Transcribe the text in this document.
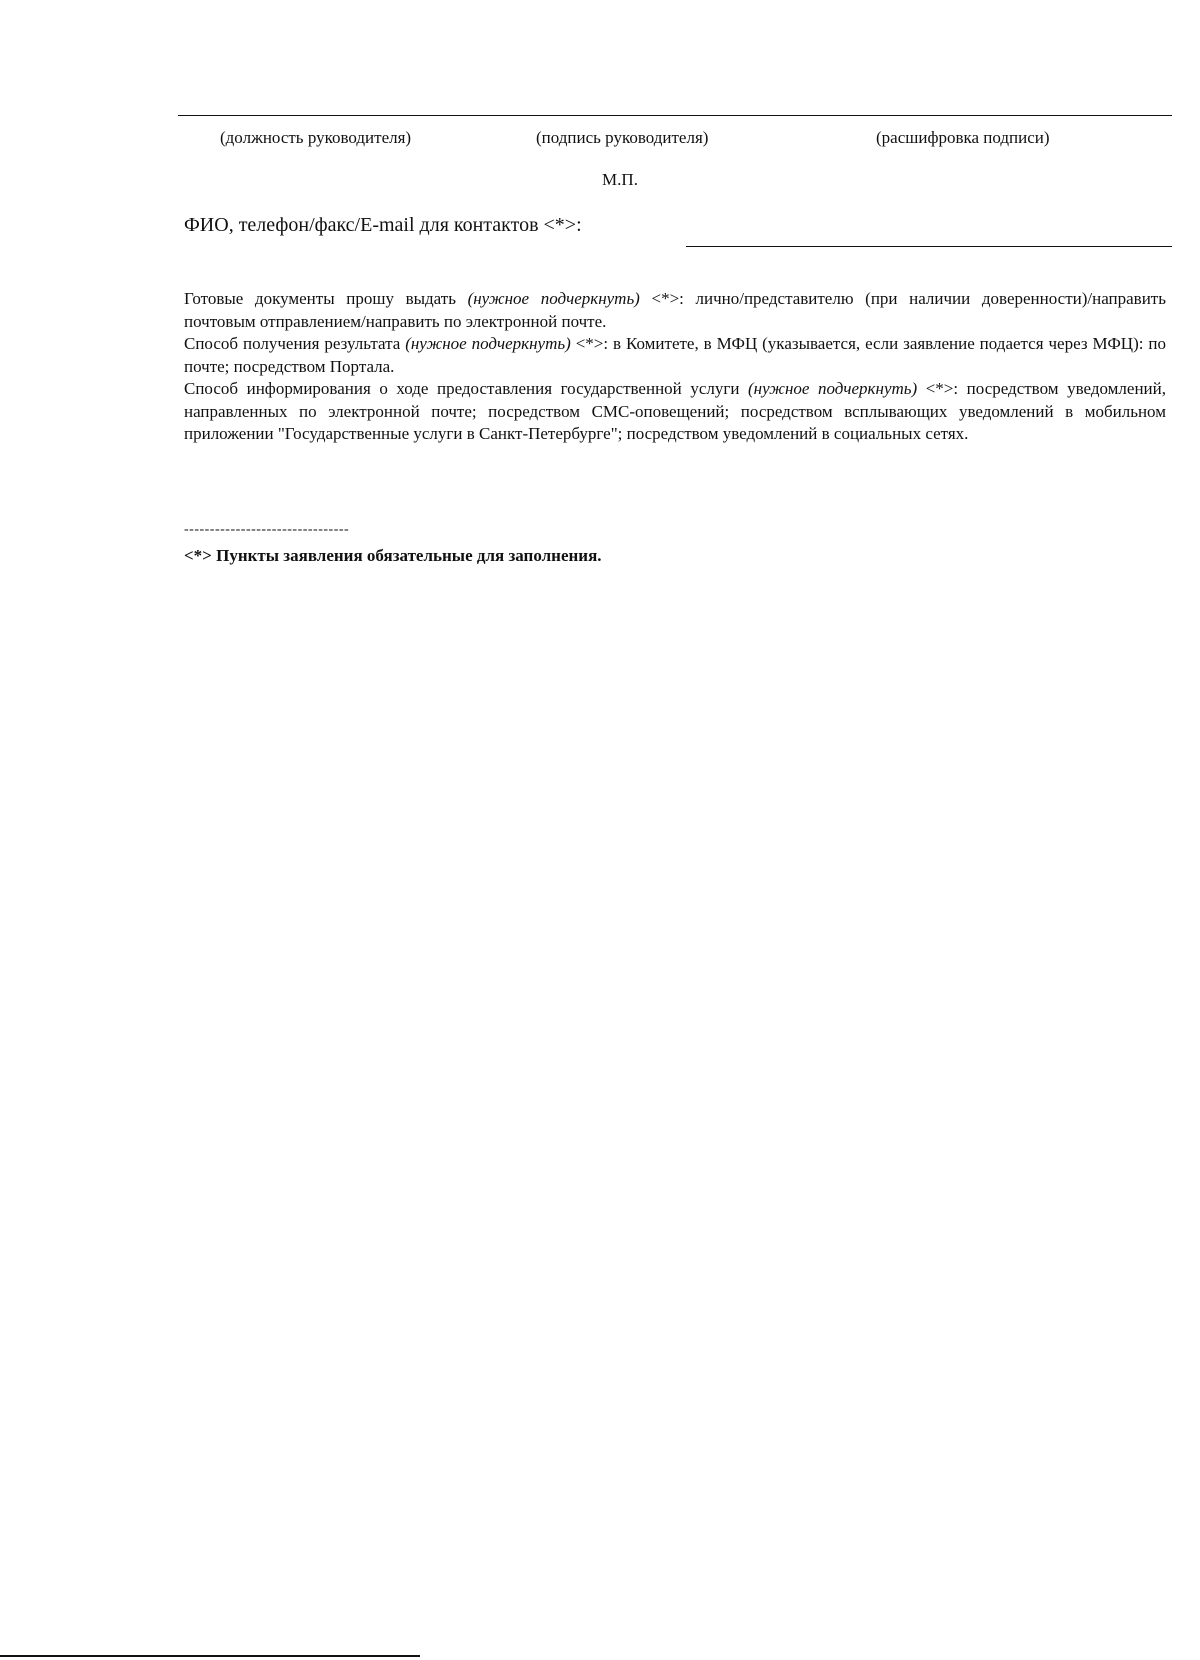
(должность руководителя)	(подпись руководителя)	(расшифровка подписи)
М.П.
ФИО, телефон/факс/E-mail для контактов <*>:

Готовые документы прошу выдать (нужное подчеркнуть) <*>: лично/представителю (при наличии доверенности)/направить почтовым отправлением/направить по электронной почте.

Способ получения результата (нужное подчеркнуть) <*>: в Комитете, в МФЦ (указывается, если заявление подается через МФЦ): по почте; посредством Портала.

Способ информирования о ходе предоставления государственной услуги (нужное подчеркнуть) <*>: посредством уведомлений, направленных по электронной почте; посредством СМС-оповещений; посредством всплывающих уведомлений в мобильном приложении "Государственные услуги в Санкт-Петербурге"; посредством уведомлений в социальных сетях.

--------------------------------
<*> Пункты заявления обязательные для заполнения.
